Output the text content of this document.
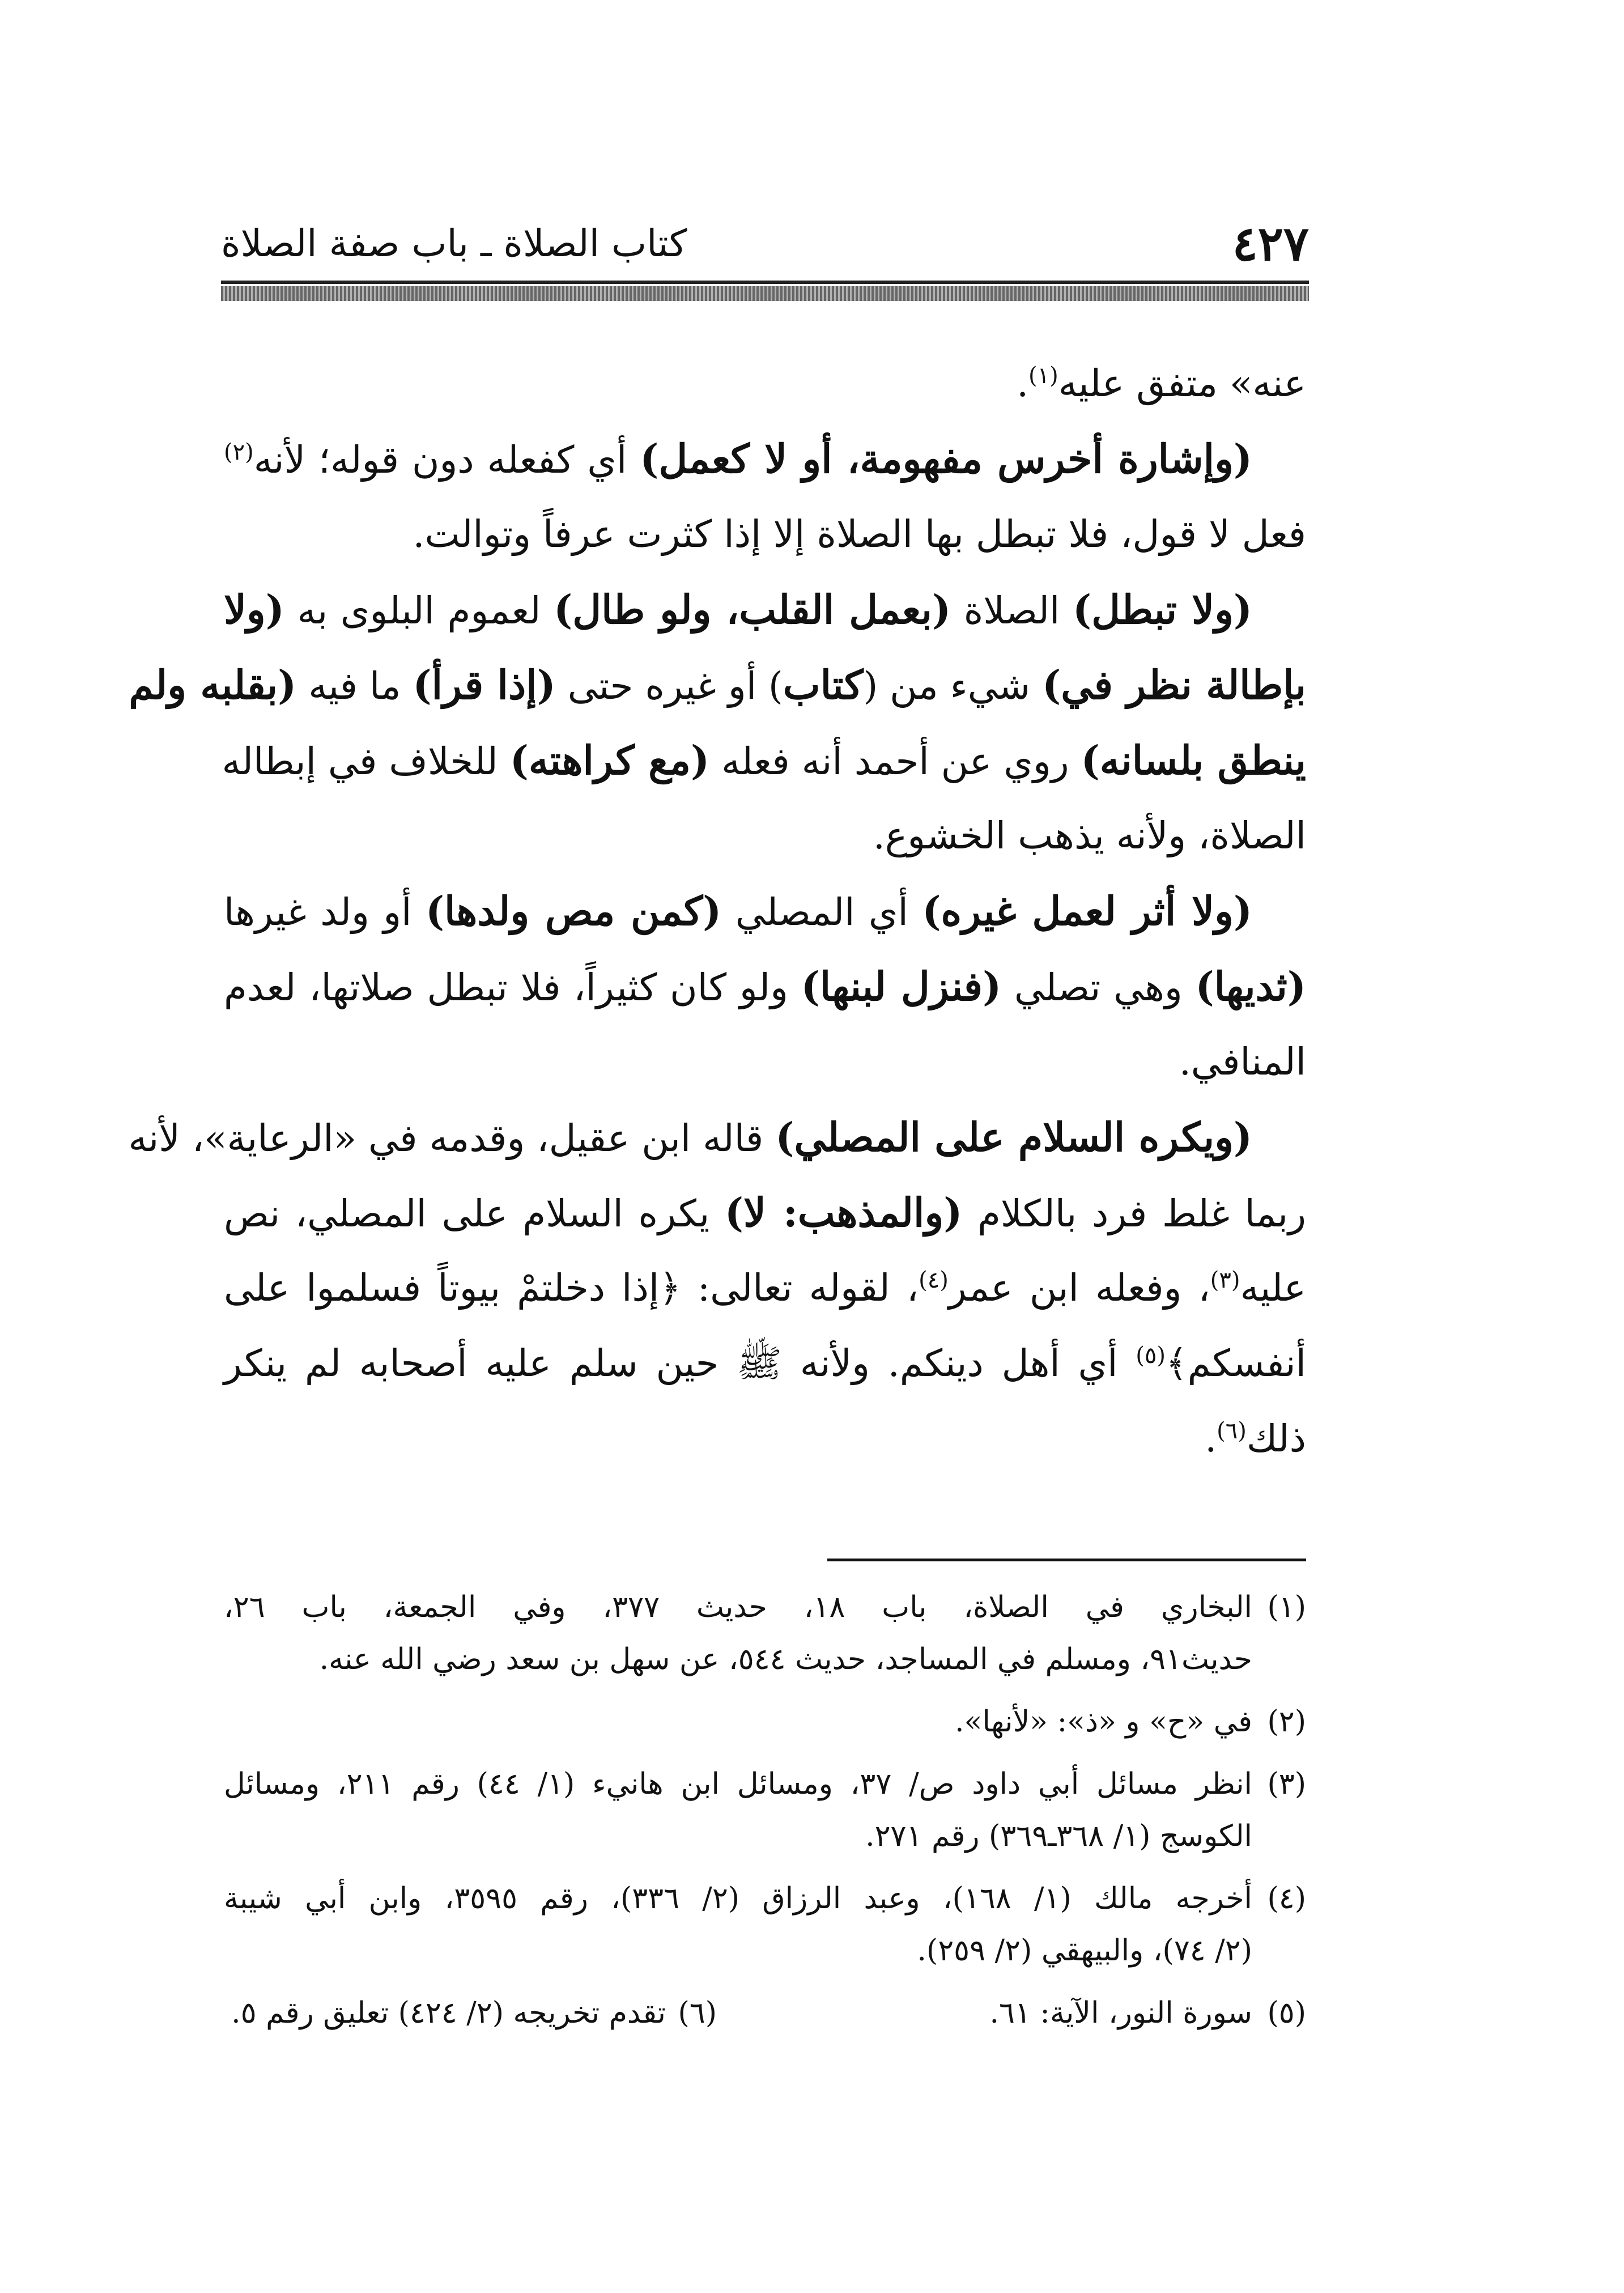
٤٢٧
كتاب الصلاة ـ باب صفة الصلاة
عنه» متفق عليه$^{(١)}$.
(وإشارة أخرس مفهومة، أو لا كعمل) أي كفعله دون قوله؛ لأنه$^{(٢)}$
فعل لا قول، فلا تبطل بها الصلاة إلا إذا كثرت عرفاً وتوالت.
(ولا تبطل) الصلاة (بعمل القلب، ولو طال) لعموم البلوى به (ولا
بإطالة نظر في) شيء من (كتاب) أو غيره حتى (إذا قرأ) ما فيه (بقلبه ولم
ينطق بلسانه) روي عن أحمد أنه فعله (مع كراهته) للخلاف في إبطاله
الصلاة، ولأنه يذهب الخشوع.
(ولا أثر لعمل غيره) أي المصلي (كمن مص ولدها) أو ولد غيرها
(ثديها) وهي تصلي (فنزل لبنها) ولو كان كثيراً، فلا تبطل صلاتها، لعدم
المنافي.
(ويكره السلام على المصلي) قاله ابن عقيل، وقدمه في «الرعاية»، لأنه
ربما غلط فرد بالكلام (والمذهب: لا) يكره السلام على المصلي، نص
عليه$^{(٣)}$، وفعله ابن عمر$^{(٤)}$، لقوله تعالى: ﴿إذا دخلتمْ بيوتاً فسلموا على
أنفسكم﴾$^{(٥)}$ أي أهل دينكم. ولأنه ﷺ حين سلم عليه أصحابه لم ينكر
ذلك$^{(٦)}$.
(١)
البخاري في الصلاة، باب ١٨، حديث ٣٧٧، وفي الجمعة، باب ٢٦،
حديث٩١، ومسلم في المساجد، حديث ٥٤٤، عن سهل بن سعد رضي الله عنه.
(٢)
في «ح» و «ذ»: «لأنها».
(٣)
انظر مسائل أبي داود ص/ ٣٧، ومسائل ابن هانيء (١/ ٤٤) رقم ٢١١، ومسائل
الكوسج (١/ ٣٦٨ـ٣٦٩) رقم ٢٧١.
(٤)
أخرجه مالك (١/ ١٦٨)، وعبد الرزاق (٢/ ٣٣٦)، رقم ٣٥٩٥، وابن أبي شيبة
(٢/ ٧٤)، والبيهقي (٢/ ٢٥٩).
(٥)
سورة النور، الآية: ٦١.
(٦)
تقدم تخريجه (٢/ ٤٢٤) تعليق رقم ٥.
